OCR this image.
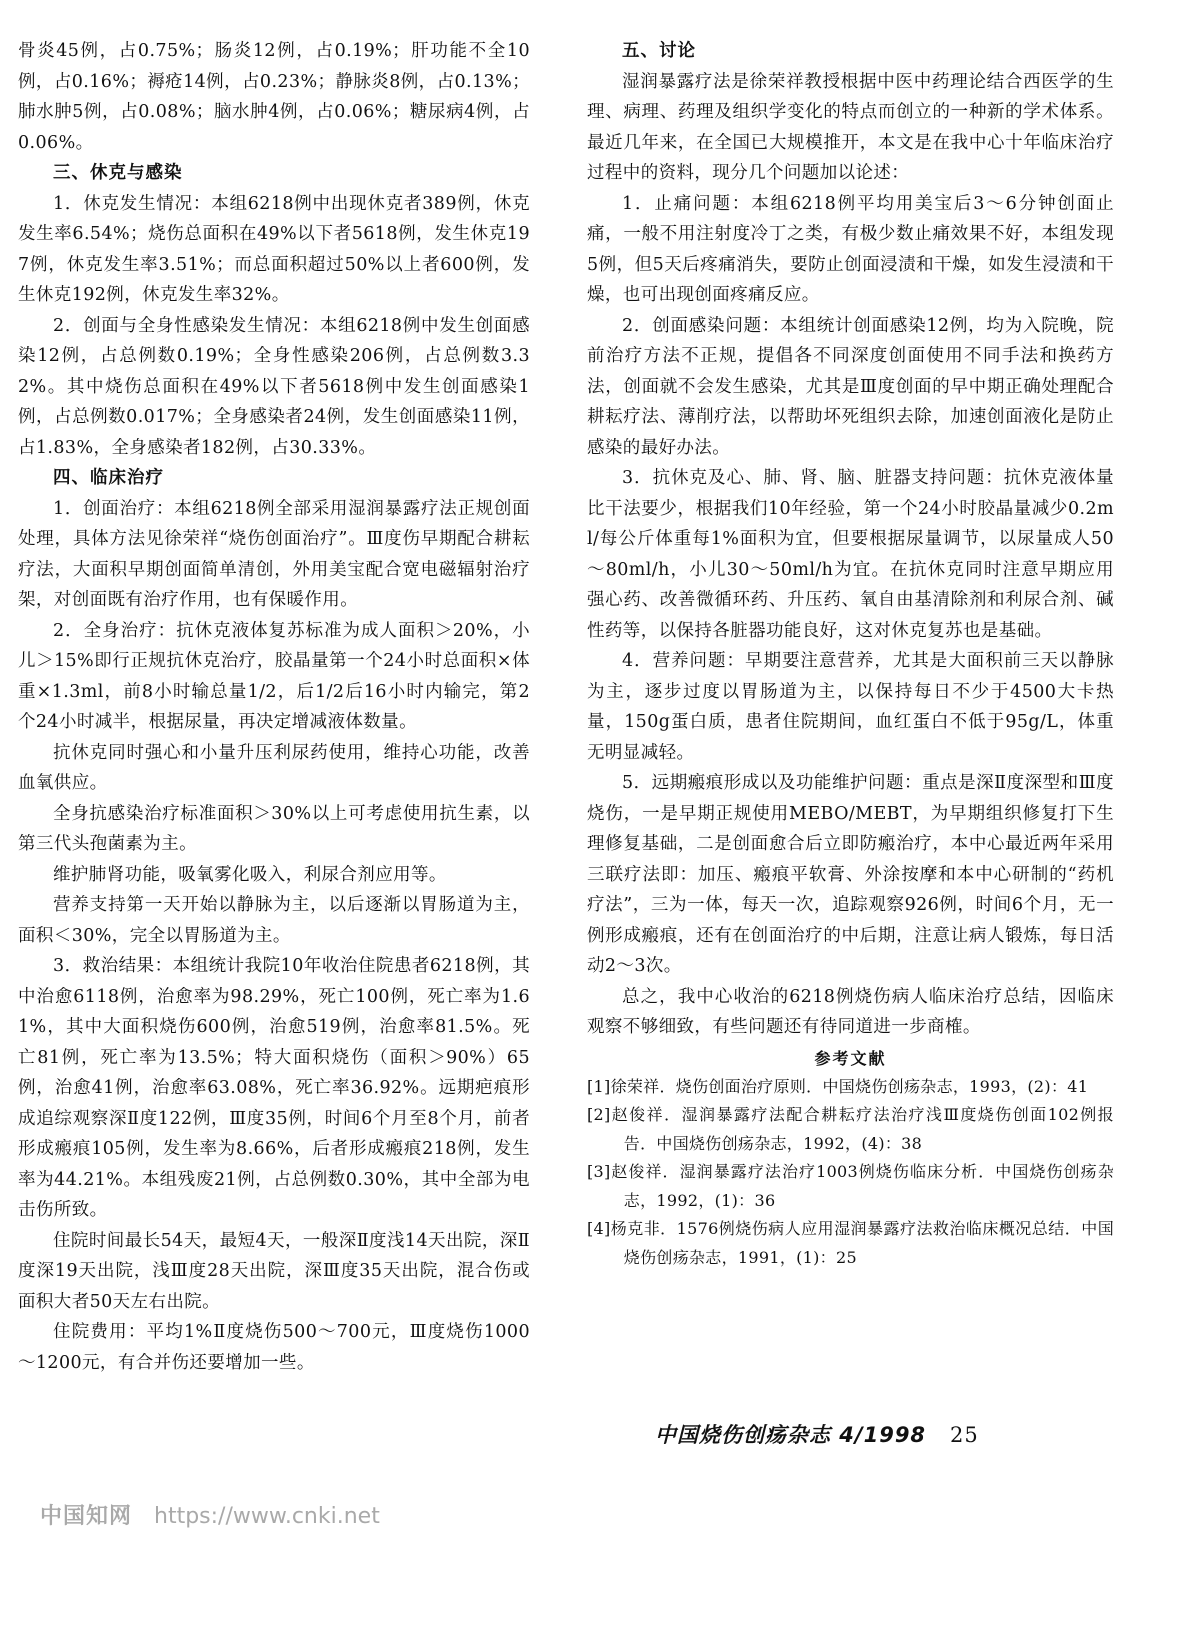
骨炎45例，占0.75%；肠炎12例，占0.19%；肝功能不全10例，占0.16%；褥疮14例，占0.23%；静脉炎8例，占0.13%；肺水肿5例，占0.08%；脑水肿4例，占0.06%；糖尿病4例，占0.06%。

三、休克与感染

1．休克发生情况：本组6218例中出现休克者389例，休克发生率6.54%；烧伤总面积在49%以下者5618例，发生休克197例，休克发生率3.51%；而总面积超过50%以上者600例，发生休克192例，休克发生率32%。

2．创面与全身性感染发生情况：本组6218例中发生创面感染12例，占总例数0.19%；全身性感染206例，占总例数3.32%。其中烧伤总面积在49%以下者5618例中发生创面感染1例，占总例数0.017%；全身感染者24例，发生创面感染11例，占1.83%，全身感染者182例，占30.33%。

四、临床治疗

1．创面治疗：本组6218例全部采用湿润暴露疗法正规创面处理，具体方法见徐荣祥“烧伤创面治疗”。Ⅲ度伤早期配合耕耘疗法，大面积早期创面简单清创，外用美宝配合宽电磁辐射治疗架，对创面既有治疗作用，也有保暖作用。

2．全身治疗：抗休克液体复苏标准为成人面积＞20%，小儿＞15%即行正规抗休克治疗，胶晶量第一个24小时总面积×体重×1.3ml，前8小时输总量1/2，后1/2后16小时内输完，第2个24小时减半，根据尿量，再决定增减液体数量。

抗休克同时强心和小量升压利尿药使用，维持心功能，改善血氧供应。

全身抗感染治疗标准面积＞30%以上可考虑使用抗生素，以第三代头孢菌素为主。

维护肺肾功能，吸氧雾化吸入，利尿合剂应用等。

营养支持第一天开始以静脉为主，以后逐渐以胃肠道为主，面积＜30%，完全以胃肠道为主。

3．救治结果：本组统计我院10年收治住院患者6218例，其中治愈6118例，治愈率为98.29%，死亡100例，死亡率为1.61%，其中大面积烧伤600例，治愈519例，治愈率81.5%。死亡81例，死亡率为13.5%；特大面积烧伤（面积＞90%）65例，治愈41例，治愈率63.08%，死亡率36.92%。远期疤痕形成追综观察深Ⅱ度122例，Ⅲ度35例，时间6个月至8个月，前者形成瘢痕105例，发生率为8.66%，后者形成瘢痕218例，发生率为44.21%。本组残废21例，占总例数0.30%，其中全部为电击伤所致。

住院时间最长54天，最短4天，一般深Ⅱ度浅14天出院，深Ⅱ度深19天出院，浅Ⅲ度28天出院，深Ⅲ度35天出院，混合伤或面积大者50天左右出院。

住院费用：平均1%Ⅱ度烧伤500～700元，Ⅲ度烧伤1000～1200元，有合并伤还要增加一些。

五、讨论

湿润暴露疗法是徐荣祥教授根据中医中药理论结合西医学的生理、病理、药理及组织学变化的特点而创立的一种新的学术体系。最近几年来，在全国已大规模推开，本文是在我中心十年临床治疗过程中的资料，现分几个问题加以论述：

1．止痛问题：本组6218例平均用美宝后3～6分钟创面止痛，一般不用注射度冷丁之类，有极少数止痛效果不好，本组发现5例，但5天后疼痛消失，要防止创面浸渍和干燥，如发生浸渍和干燥，也可出现创面疼痛反应。

2．创面感染问题：本组统计创面感染12例，均为入院晚，院前治疗方法不正规，提倡各不同深度创面使用不同手法和换药方法，创面就不会发生感染，尤其是Ⅲ度创面的早中期正确处理配合耕耘疗法、薄削疗法，以帮助坏死组织去除，加速创面液化是防止感染的最好办法。

3．抗休克及心、肺、肾、脑、脏器支持问题：抗休克液体量比干法要少，根据我们10年经验，第一个24小时胶晶量减少0.2ml/每公斤体重每1%面积为宜，但要根据尿量调节，以尿量成人50～80ml/h，小儿30～50ml/h为宜。在抗休克同时注意早期应用强心药、改善微循环药、升压药、氧自由基清除剂和利尿合剂、碱性药等，以保持各脏器功能良好，这对休克复苏也是基础。

4．营养问题：早期要注意营养，尤其是大面积前三天以静脉为主，逐步过度以胃肠道为主，以保持每日不少于4500大卡热量，150g蛋白质，患者住院期间，血红蛋白不低于95g/L，体重无明显减轻。

5．远期瘢痕形成以及功能维护问题：重点是深Ⅱ度深型和Ⅲ度烧伤，一是早期正规使用MEBO/MEBT，为早期组织修复打下生理修复基础，二是创面愈合后立即防瘢治疗，本中心最近两年采用三联疗法即：加压、瘢痕平软膏、外涂按摩和本中心研制的“药机疗法”，三为一体，每天一次，追踪观察926例，时间6个月，无一例形成瘢痕，还有在创面治疗的中后期，注意让病人锻炼，每日活动2～3次。

总之，我中心收治的6218例烧伤病人临床治疗总结，因临床观察不够细致，有些问题还有待同道进一步商榷。

参考文献

[1]徐荣祥．烧伤创面治疗原则．中国烧伤创疡杂志，1993，(2)：41

[2]赵俊祥．湿润暴露疗法配合耕耘疗法治疗浅Ⅲ度烧伤创面102例报告．中国烧伤创疡杂志，1992，(4)：38

[3]赵俊祥．湿润暴露疗法治疗1003例烧伤临床分析．中国烧伤创疡杂志，1992，(1)：36

[4]杨克非．1576例烧伤病人应用湿润暴露疗法救治临床概况总结．中国烧伤创疡杂志，1991，(1)：25

中国烧伤创疡杂志 4/1998 25
中国知网 https://www.cnki.net
